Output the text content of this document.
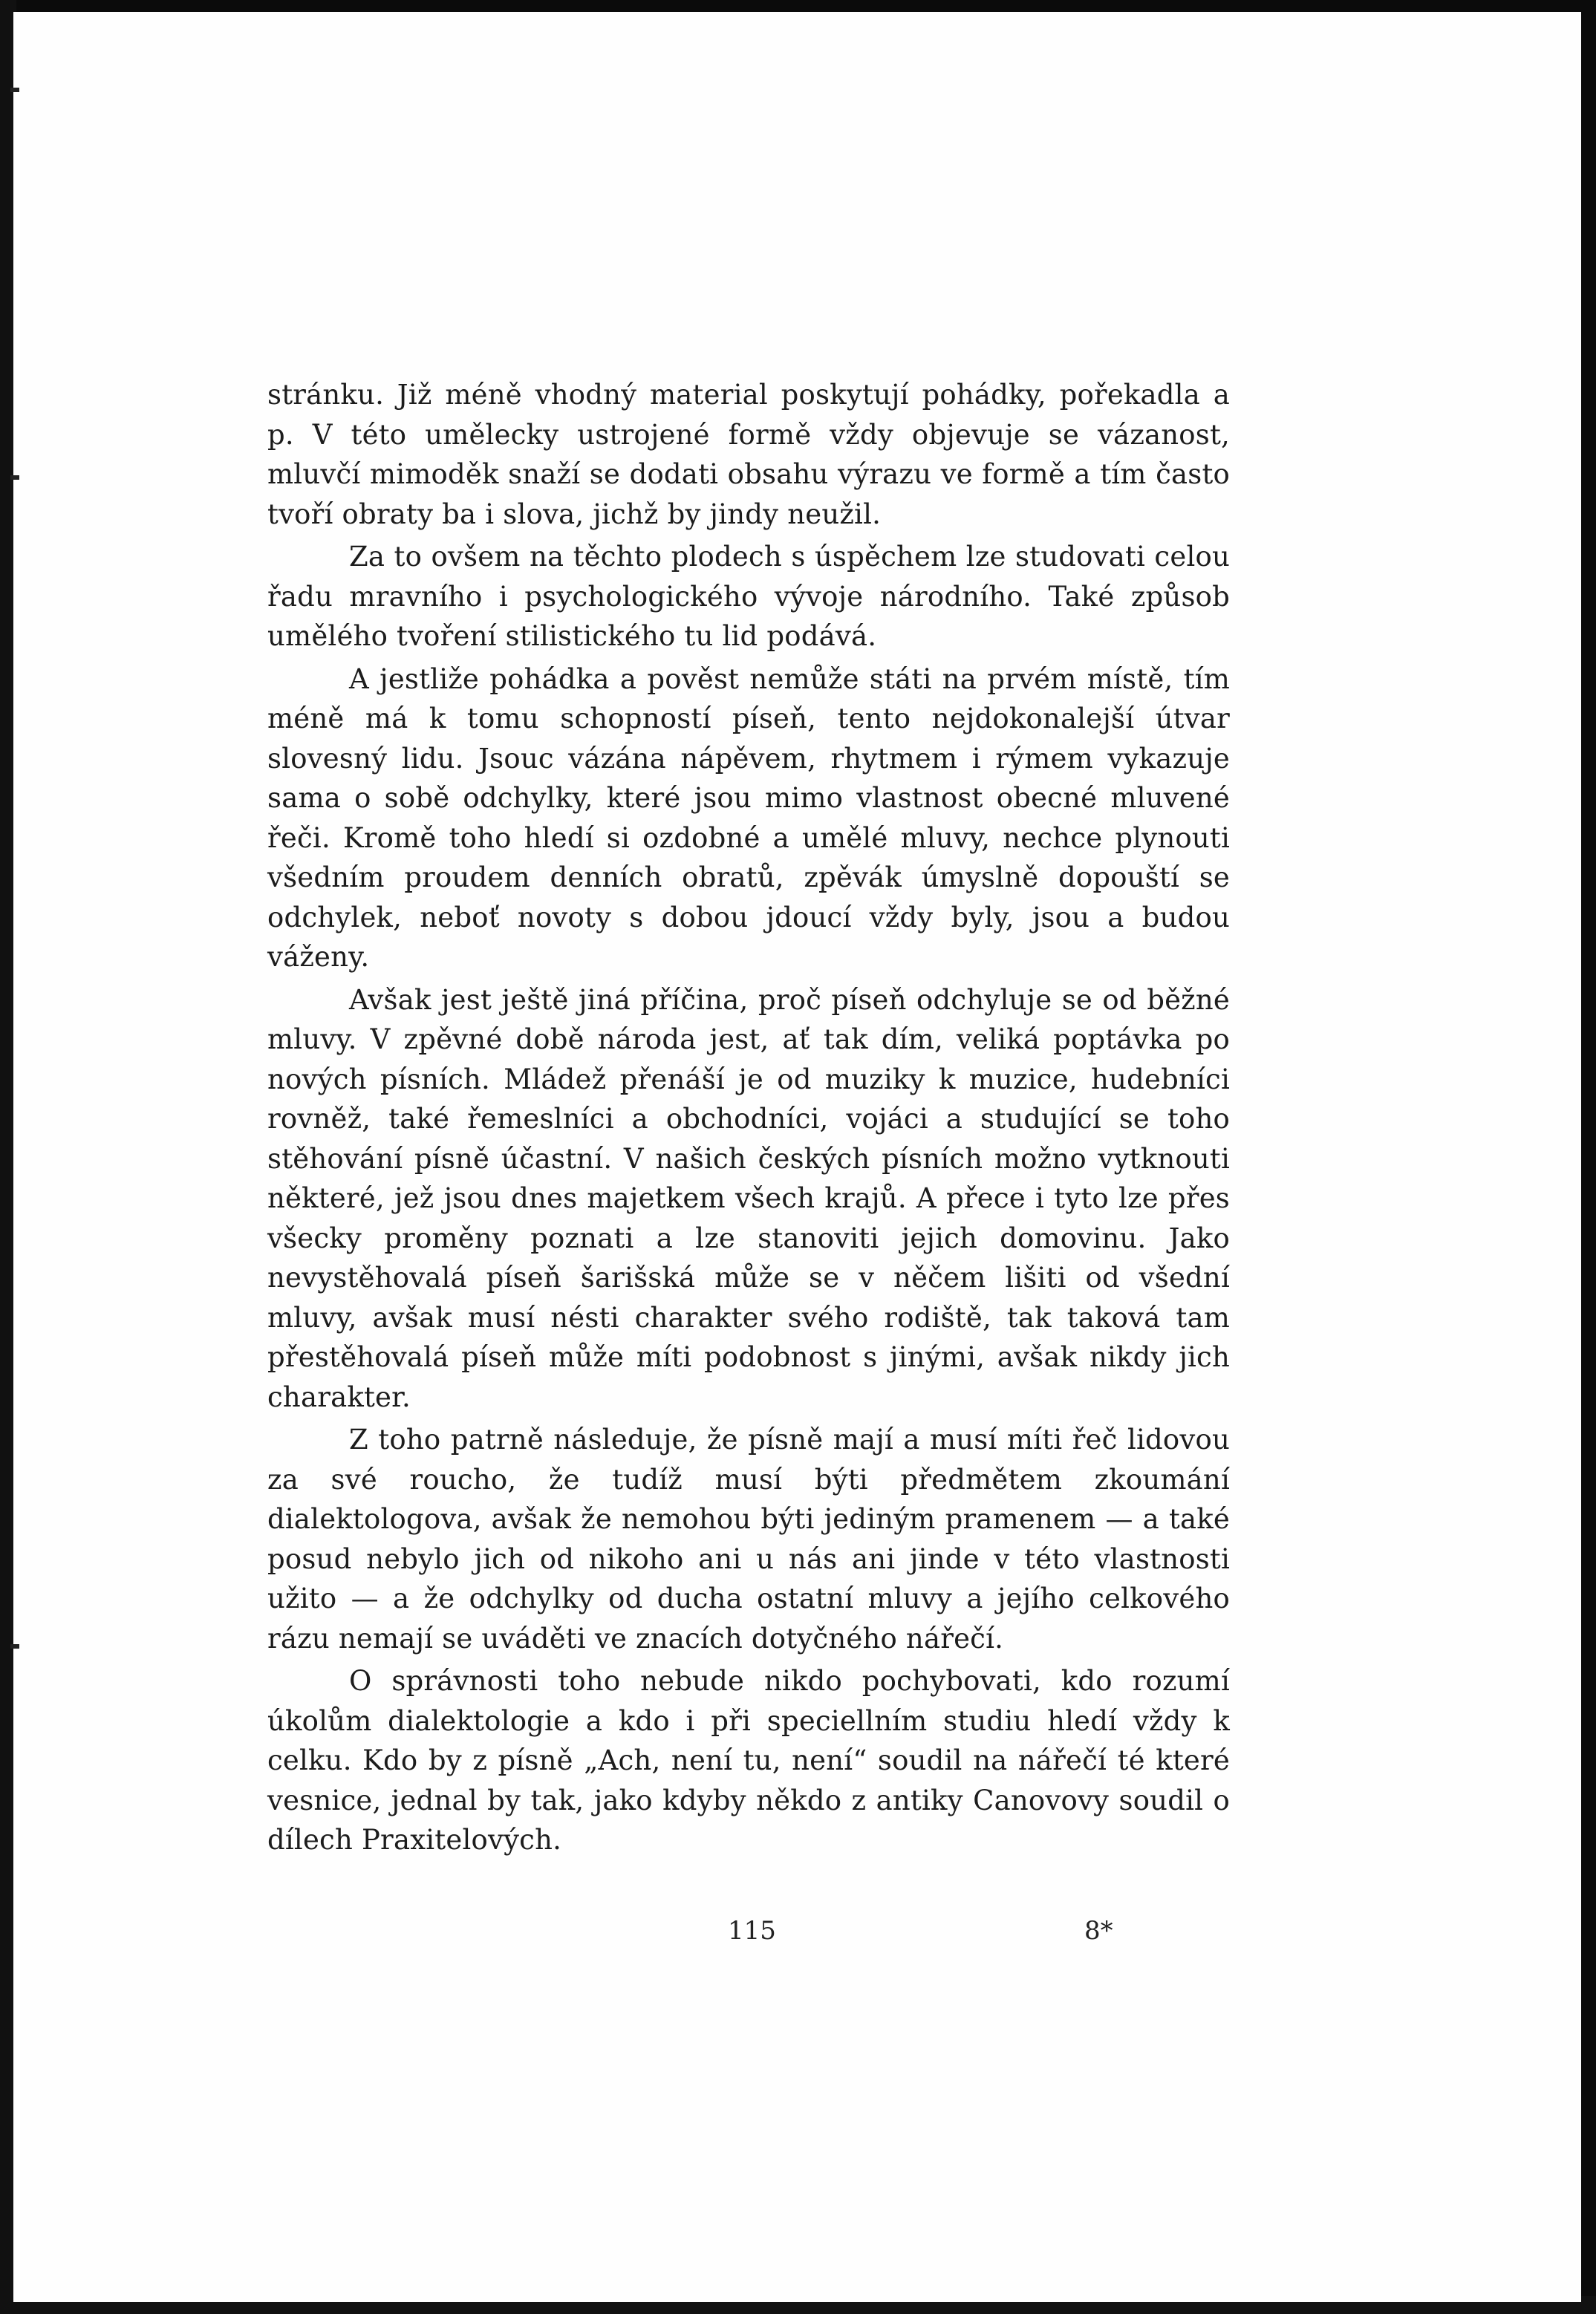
stránku. Již méně vhodný material poskytují pohádky, pořekadla a p. V této umělecky ustrojené formě vždy objevuje se vázanost, mluvčí mimoděk snaží se dodati obsahu výrazu ve formě a tím často tvoří obraty ba i slova, jichž by jindy neužil.

Za to ovšem na těchto plodech s úspěchem lze studovati celou řadu mravního i psychologického vývoje národního. Také způsob umělého tvoření stilistického tu lid podává.

A jestliže pohádka a pověst nemůže státi na prvém místě, tím méně má k tomu schopností píseň, tento nejdokonalejší útvar slovesný lidu. Jsouc vázána nápěvem, rhytmem i rýmem vykazuje sama o sobě odchylky, které jsou mimo vlastnost obecné mluvené řeči. Kromě toho hledí si ozdobné a umělé mluvy, nechce plynouti všedním proudem denních obratů, zpěvák úmyslně dopouští se odchylek, neboť novoty s dobou jdoucí vždy byly, jsou a budou váženy.

Avšak jest ještě jiná příčina, proč píseň odchyluje se od běžné mluvy. V zpěvné době národa jest, ať tak dím, veliká poptávka po nových písních. Mládež přenáší je od muziky k muzice, hudebníci rovněž, také řemeslníci a obchodníci, vojáci a studující se toho stěhování písně účastní. V našich českých písních možno vytknouti některé, jež jsou dnes majetkem všech krajů. A přece i tyto lze přes všecky proměny poznati a lze stanoviti jejich domovinu. Jako nevystěhovalá píseň šarišská může se v něčem lišiti od všední mluvy, avšak musí nésti charakter svého rodiště, tak taková tam přestěhovalá píseň může míti podobnost s jinými, avšak nikdy jich charakter.

Z toho patrně následuje, že písně mají a musí míti řeč lidovou za své roucho, že tudíž musí býti předmětem zkoumání dialektologova, avšak že nemohou býti jediným pramenem — a také posud nebylo jich od nikoho ani u nás ani jinde v této vlastnosti užito — a že odchylky od ducha ostatní mluvy a jejího celkového rázu nemají se uváděti ve znacích dotyčného nářečí.

O správnosti toho nebude nikdo pochybovati, kdo rozumí úkolům dialektologie a kdo i při speciellním studiu hledí vždy k celku. Kdo by z písně „Ach, není tu, není“ soudil na nářečí té které vesnice, jednal by tak, jako kdyby někdo z antiky Canovovy soudil o dílech Praxitelových.

115	8*
